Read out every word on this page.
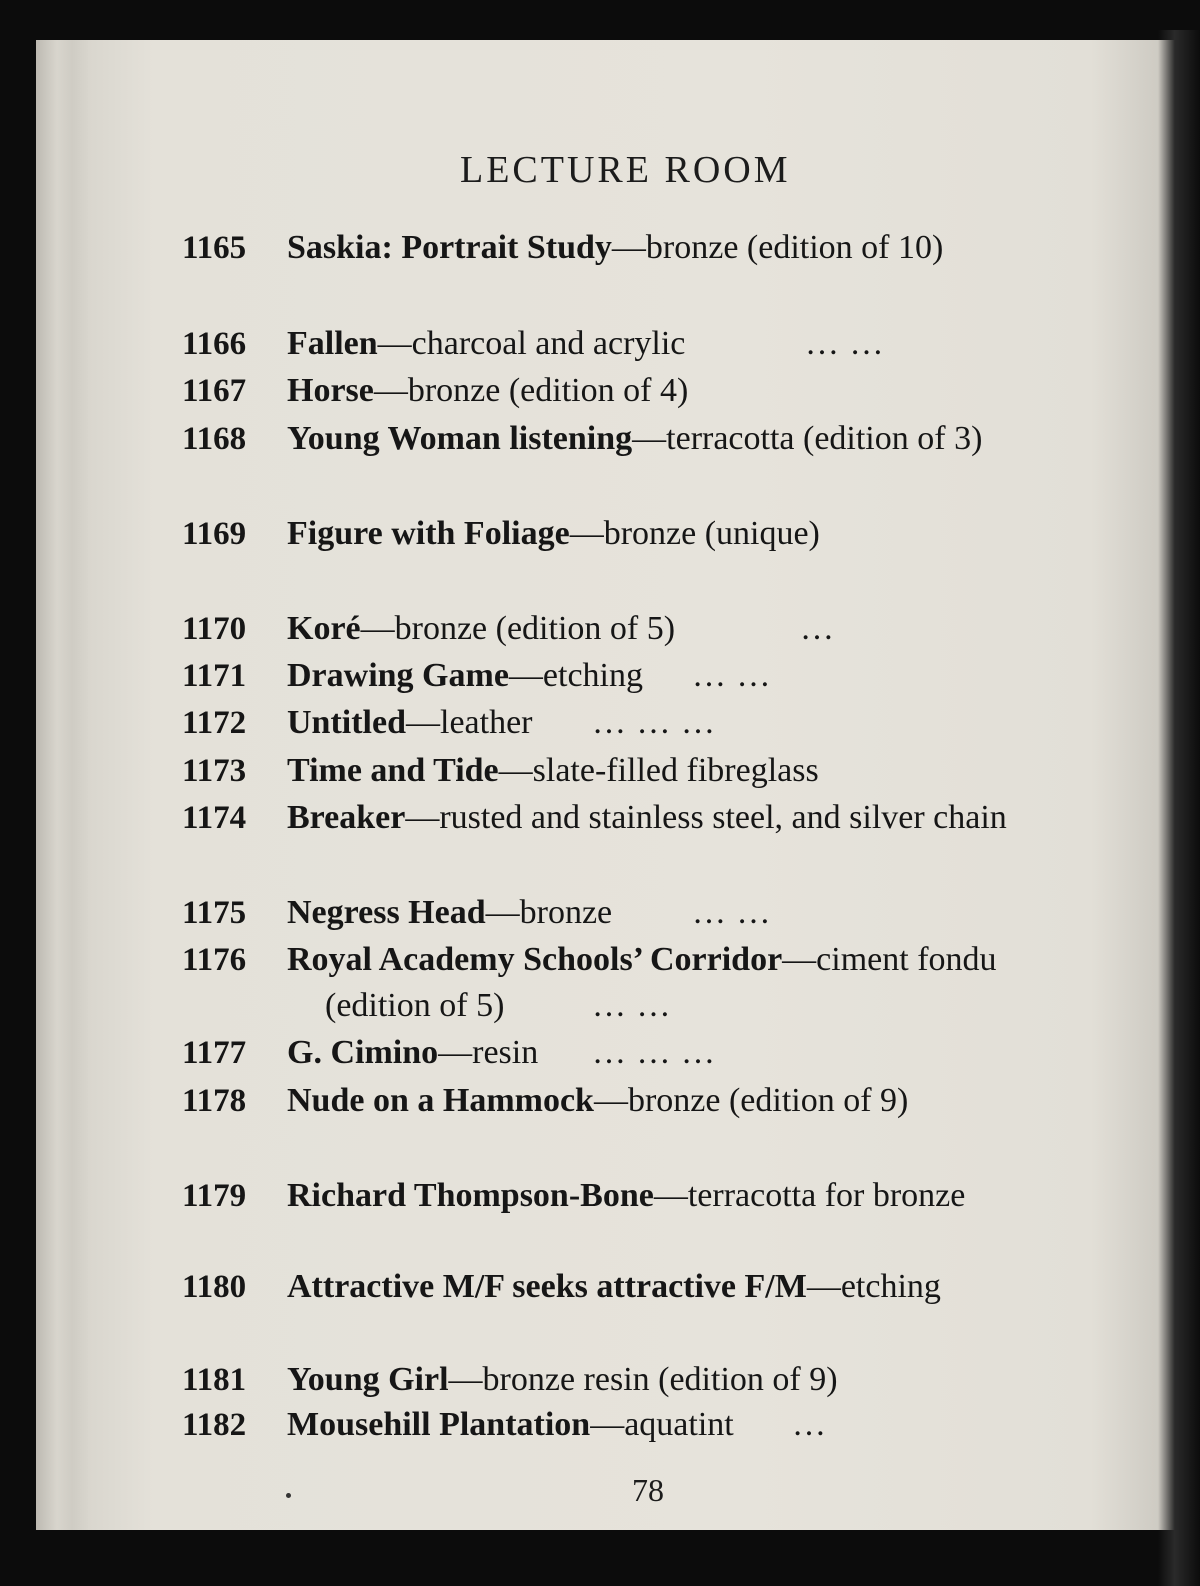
LECTURE ROOM
1165 Saskia: Portrait Study—bronze (edition of 10)
1166 Fallen—charcoal and acrylic	… …
1167 Horse—bronze (edition of 4)
1168 Young Woman listening—terracotta (edition of 3)
1169 Figure with Foliage—bronze (unique)
1170 Koré—bronze (edition of 5)	…
1171 Drawing Game—etching … …
1172 Untitled—leather … … …
1173 Time and Tide—slate-filled fibreglass
1174 Breaker—rusted and stainless steel, and silver chain
1175 Negress Head—bronze … …
1176 Royal Academy Schools’ Corridor—ciment fondu
(edition of 5)	… …
1177 G. Cimino—resin … … …
1178 Nude on a Hammock—bronze (edition of 9)
1179 Richard Thompson-Bone—terracotta for bronze
1180 Attractive M/F seeks attractive F/M—etching
1181 Young Girl—bronze resin (edition of 9)
1182 Mousehill Plantation—aquatint …
78
